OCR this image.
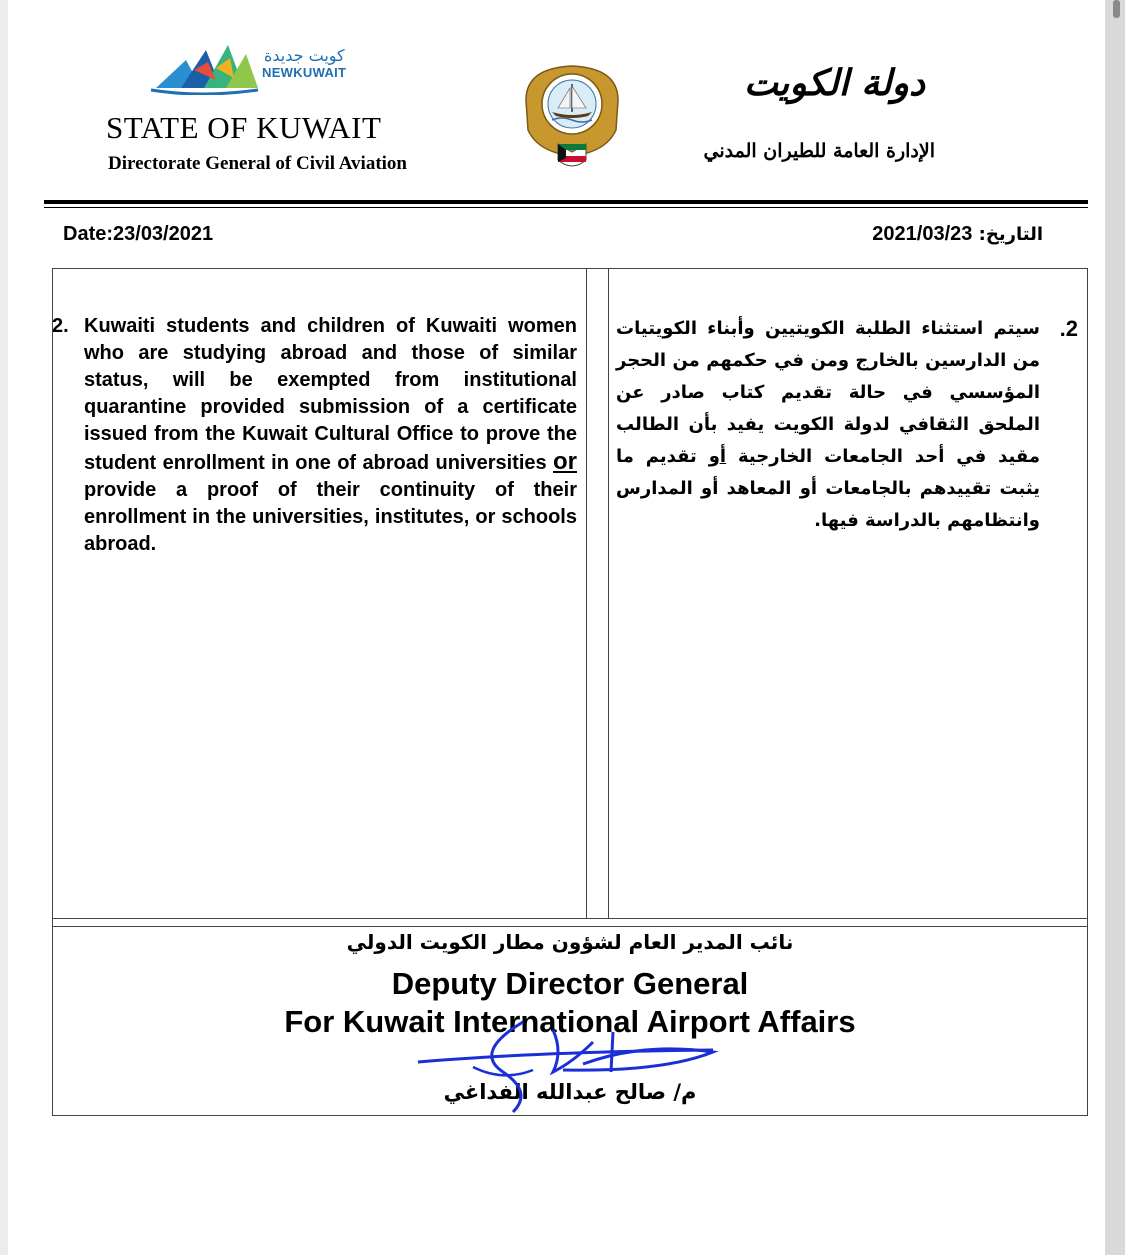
كويت جديدة
NEWKUWAIT
STATE OF KUWAIT
Directorate General of Civil Aviation
دولة الكويت
الإدارة العامة للطيران المدني
Date:23/03/2021	التاريخ: 2021/03/23
2. Kuwaiti students and children of Kuwaiti women who are studying abroad and those of similar status, will be exempted from institutional quarantine provided submission of a certificate issued from the Kuwait Cultural Office to prove the student enrollment in one of abroad universities or provide a proof of their continuity of their enrollment in the universities, institutes, or schools abroad.
2.
سيتم استثناء الطلبة الكويتيين وأبناء الكويتيات من الدارسين بالخارج ومن في حكمهم من الحجر المؤسسي في حالة تقديم كتاب صادر عن الملحق الثقافي لدولة الكويت يفيد بأن الطالب مقيد في أحد الجامعات الخارجية أو تقديم ما يثبت تقييدهم بالجامعات أو المعاهد أو المدارس وانتظامهم بالدراسة فيها.
نائب المدير العام لشؤون مطار الكويت الدولي
Deputy Director General
For Kuwait International Airport Affairs
م/ صالح عبدالله الفداغي
